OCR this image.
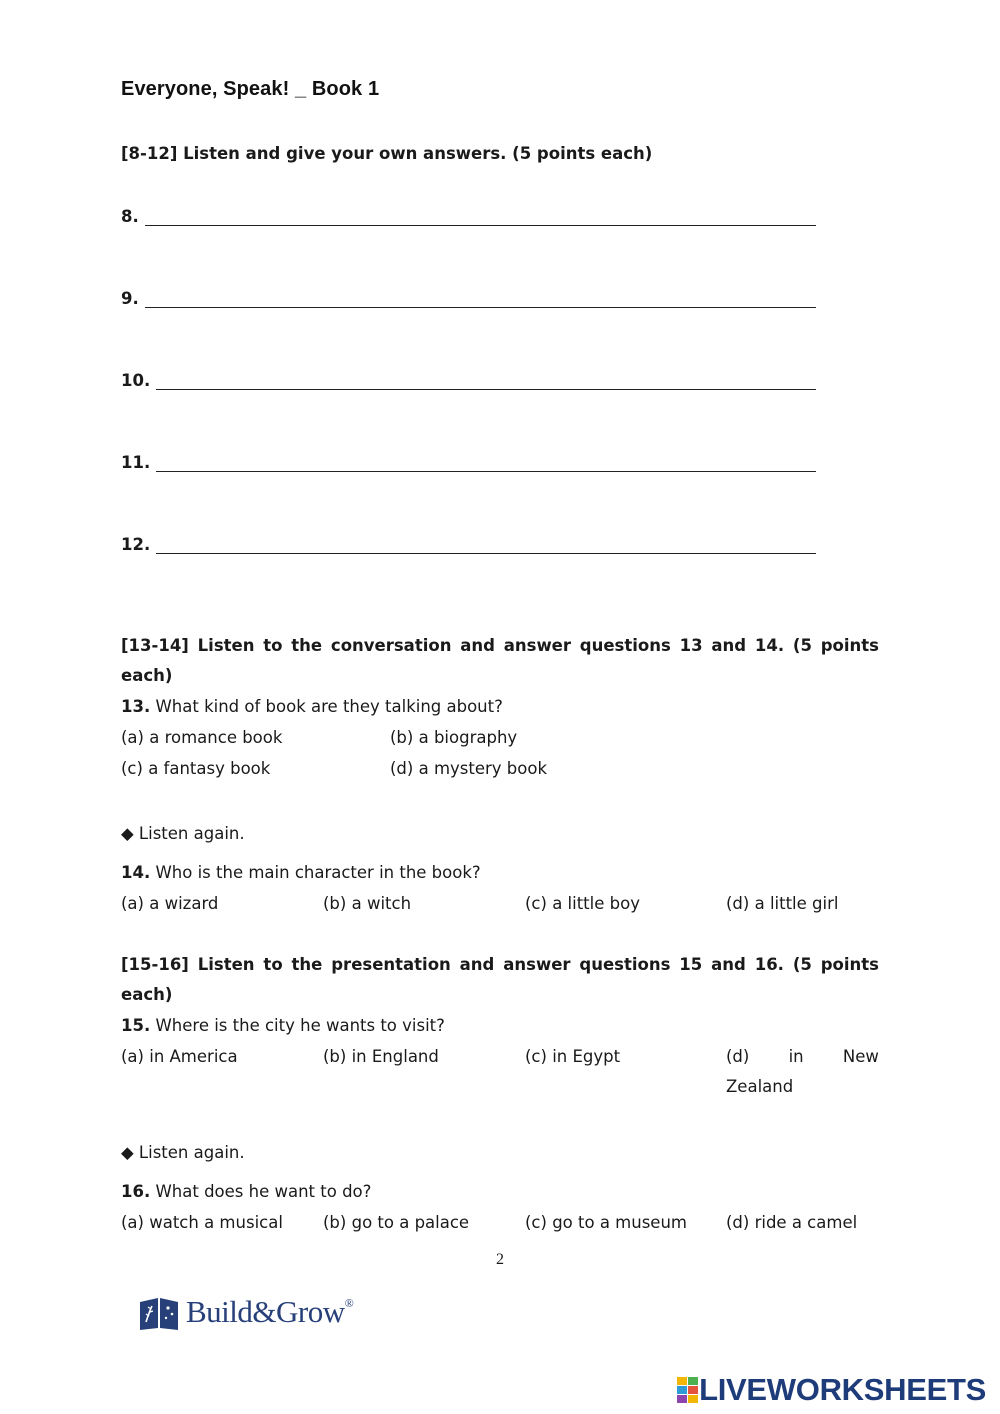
Everyone, Speak! _ Book 1
[8-12] Listen and give your own answers. (5 points each)
8.
9.
10.
11.
12.
[13-14] Listen to the conversation and answer questions 13 and 14. (5 points each)
13. What kind of book are they talking about?
(a) a romance book	(b) a biography
(c) a fantasy book	(d) a mystery book
◆ Listen again.
14. Who is the main character in the book?
(a) a wizard	(b) a witch	(c) a little boy	(d) a little girl
[15-16] Listen to the presentation and answer questions 15 and 16. (5 points each)
15. Where is the city he wants to visit?
(a) in America	(b) in England	(c) in Egypt	(d) in New Zealand
◆ Listen again.
16. What does he want to do?
(a) watch a musical (b) go to a palace	(c) go to a museum (d) ride a camel
2
Build&Grow®
LIVEWORKSHEETS
